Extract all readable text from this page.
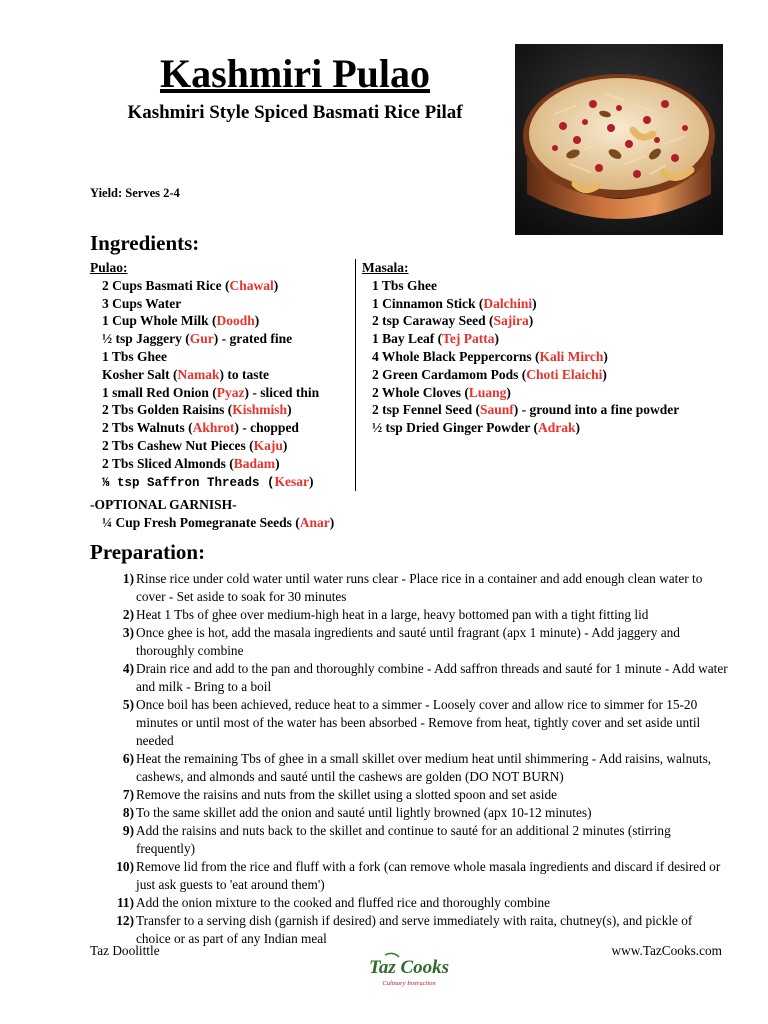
Kashmiri Pulao
Kashmiri Style Spiced Basmati Rice Pilaf
Yield: Serves 2-4
Ingredients:
Pulao:
2 Cups Basmati Rice (Chawal)
3 Cups Water
1 Cup Whole Milk (Doodh)
½ tsp Jaggery (Gur) - grated fine
1 Tbs Ghee
Kosher Salt (Namak) to taste
1 small Red Onion (Pyaz) - sliced thin
2 Tbs Golden Raisins (Kishmish)
2 Tbs Walnuts (Akhrot) - chopped
2 Tbs Cashew Nut Pieces (Kaju)
2 Tbs Sliced Almonds (Badam)
⅛ tsp Saffron Threads (Kesar)
Masala:
1 Tbs Ghee
1 Cinnamon Stick (Dalchini)
2 tsp Caraway Seed (Sajira)
1 Bay Leaf (Tej Patta)
4 Whole Black Peppercorns (Kali Mirch)
2 Green Cardamom Pods (Choti Elaichi)
2 Whole Cloves (Luang)
2 tsp Fennel Seed (Saunf) - ground into a fine powder
½ tsp Dried Ginger Powder (Adrak)
-OPTIONAL GARNISH-
¼ Cup Fresh Pomegranate Seeds (Anar)
Preparation:
1) Rinse rice under cold water until water runs clear - Place rice in a container and add enough clean water to cover - Set aside to soak for 30 minutes
2) Heat 1 Tbs of ghee over medium-high heat in a large, heavy bottomed pan with a tight fitting lid
3) Once ghee is hot, add the masala ingredients and sauté until fragrant (apx 1 minute) - Add jaggery and thoroughly combine
4) Drain rice and add to the pan and thoroughly combine - Add saffron threads and sauté for 1 minute - Add water and milk - Bring to a boil
5) Once boil has been achieved, reduce heat to a simmer - Loosely cover and allow rice to simmer for 15-20 minutes or until most of the water has been absorbed - Remove from heat, tightly cover and set aside until needed
6) Heat the remaining Tbs of ghee in a small skillet over medium heat until shimmering - Add raisins, walnuts, cashews, and almonds and sauté until the cashews are golden (DO NOT BURN)
7) Remove the raisins and nuts from the skillet using a slotted spoon and set aside
8) To the same skillet add the onion and sauté until lightly browned (apx 10-12 minutes)
9) Add the raisins and nuts back to the skillet and continue to sauté for an additional 2 minutes (stirring frequently)
10) Remove lid from the rice and fluff with a fork (can remove whole masala ingredients and discard if desired or just ask guests to 'eat around them')
11) Add the onion mixture to the cooked and fluffed rice and thoroughly combine
12) Transfer to a serving dish (garnish if desired) and serve immediately with raita, chutney(s), and pickle of choice or as part of any Indian meal
Taz Doolittle	www.TazCooks.com
Taz Cooks
Culinary Instruction
